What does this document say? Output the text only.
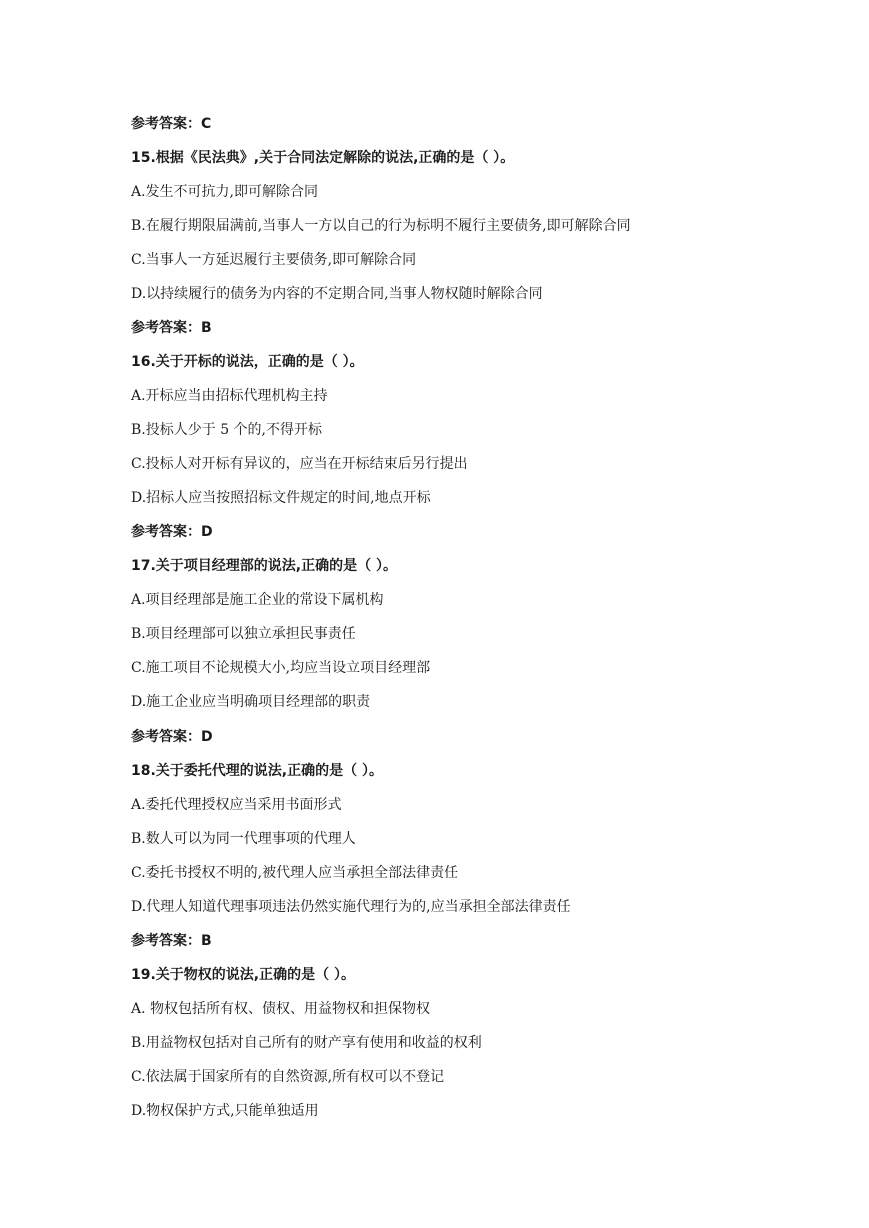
参考答案：C
15.根据《民法典》,关于合同法定解除的说法,正确的是（ ）。
A.发生不可抗力,即可解除合同
B.在履行期限届满前,当事人一方以自己的行为标明不履行主要债务,即可解除合同
C.当事人一方延迟履行主要债务,即可解除合同
D.以持续履行的债务为内容的不定期合同,当事人物权随时解除合同
参考答案：B
16.关于开标的说法，正确的是（ ）。
A.开标应当由招标代理机构主持
B.投标人少于 5 个的,不得开标
C.投标人对开标有异议的，应当在开标结束后另行提出
D.招标人应当按照招标文件规定的时间,地点开标
参考答案：D
17.关于项目经理部的说法,正确的是（ ）。
A.项目经理部是施工企业的常设下属机构
B.项目经理部可以独立承担民事责任
C.施工项目不论规模大小,均应当设立项目经理部
D.施工企业应当明确项目经理部的职责
参考答案：D
18.关于委托代理的说法,正确的是（ ）。
A.委托代理授权应当采用书面形式
B.数人可以为同一代理事项的代理人
C.委托书授权不明的,被代理人应当承担全部法律责任
D.代理人知道代理事项违法仍然实施代理行为的,应当承担全部法律责任
参考答案：B
19.关于物权的说法,正确的是（ ）。
A. 物权包括所有权、债权、用益物权和担保物权
B.用益物权包括对自己所有的财产享有使用和收益的权利
C.依法属于国家所有的自然资源,所有权可以不登记
D.物权保护方式,只能单独适用
